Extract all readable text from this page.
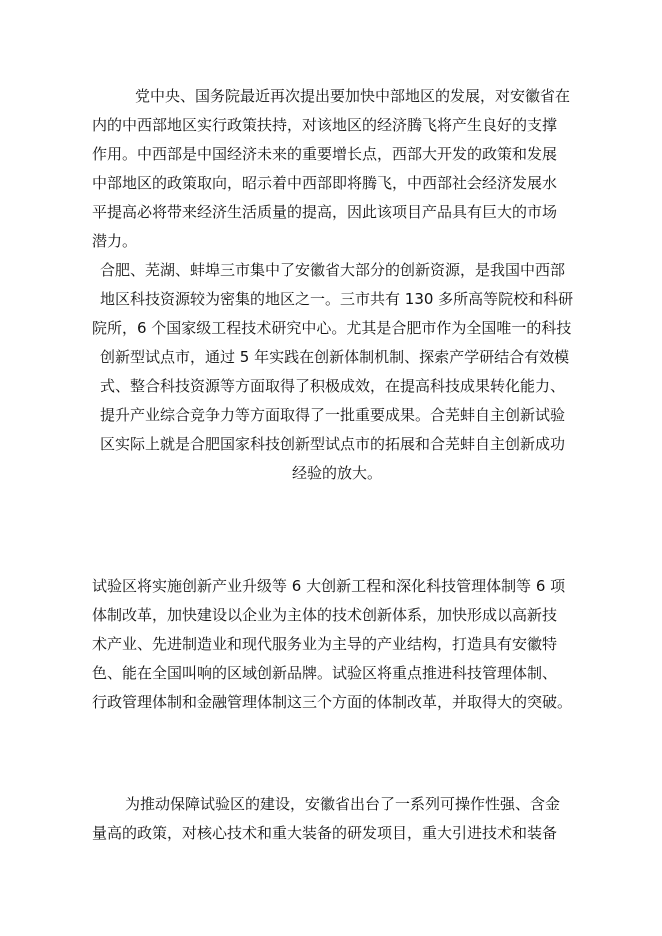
党中央、国务院最近再次提出要加快中部地区的发展，对安徽省在
内的中西部地区实行政策扶持，对该地区的经济腾飞将产生良好的支撑
作用。中西部是中国经济未来的重要增长点，西部大开发的政策和发展
中部地区的政策取向，昭示着中西部即将腾飞，中西部社会经济发展水
平提高必将带来经济生活质量的提高，因此该项目产品具有巨大的市场
潜力。
合肥、芜湖、蚌埠三市集中了安徽省大部分的创新资源，是我国中西部
地区科技资源较为密集的地区之一。三市共有 130 多所高等院校和科研
院所，6 个国家级工程技术研究中心。尤其是合肥市作为全国唯一的科技
创新型试点市，通过 5 年实践在创新体制机制、探索产学研结合有效模
式、整合科技资源等方面取得了积极成效，在提高科技成果转化能力、
提升产业综合竞争力等方面取得了一批重要成果。合芜蚌自主创新试验
区实际上就是合肥国家科技创新型试点市的拓展和合芜蚌自主创新成功
经验的放大。
试验区将实施创新产业升级等 6 大创新工程和深化科技管理体制等 6 项
体制改革，加快建设以企业为主体的技术创新体系，加快形成以高新技
术产业、先进制造业和现代服务业为主导的产业结构，打造具有安徽特
色、能在全国叫响的区域创新品牌。试验区将重点推进科技管理体制、
行政管理体制和金融管理体制这三个方面的体制改革，并取得大的突破。
为推动保障试验区的建设，安徽省出台了一系列可操作性强、含金
量高的政策，对核心技术和重大装备的研发项目，重大引进技术和装备
